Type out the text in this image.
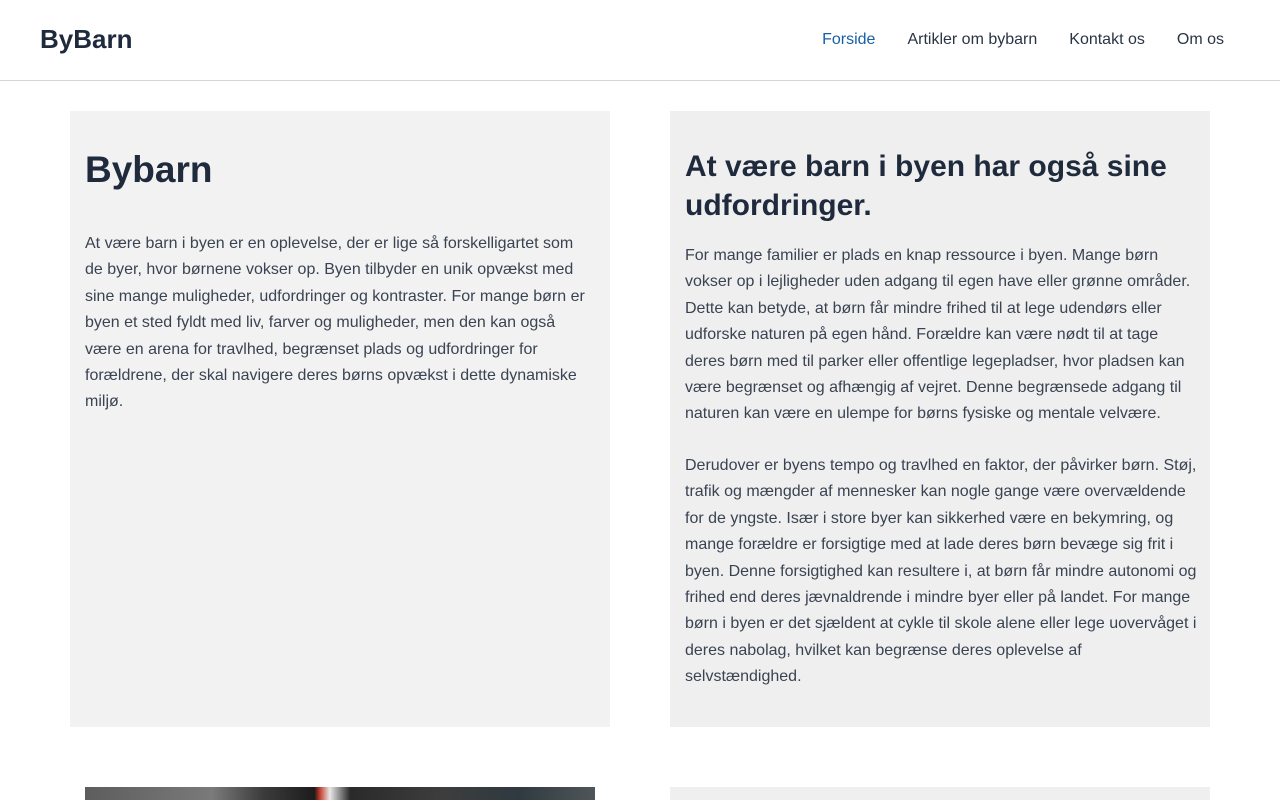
ByBarn	Forside Artikler om bybarn Kontakt os Om os
Bybarn

At være barn i byen er en oplevelse, der er lige så forskelligartet som de byer, hvor børnene vokser op. Byen tilbyder en unik opvækst med sine mange muligheder, udfordringer og kontraster. For mange børn er byen et sted fyldt med liv, farver og muligheder, men den kan også være en arena for travlhed, begrænset plads og udfordringer for forældrene, der skal navigere deres børns opvækst i dette dynamiske miljø.

At være barn i byen har også sine udfordringer.

For mange familier er plads en knap ressource i byen. Mange børn vokser op i lejligheder uden adgang til egen have eller grønne områder. Dette kan betyde, at børn får mindre frihed til at lege udendørs eller udforske naturen på egen hånd. Forældre kan være nødt til at tage deres børn med til parker eller offentlige legepladser, hvor pladsen kan være begrænset og afhængig af vejret. Denne begrænsede adgang til naturen kan være en ulempe for børns fysiske og mentale velvære.

Derudover er byens tempo og travlhed en faktor, der påvirker børn. Støj, trafik og mængder af mennesker kan nogle gange være overvældende for de yngste. Især i store byer kan sikkerhed være en bekymring, og mange forældre er forsigtige med at lade deres børn bevæge sig frit i byen. Denne forsigtighed kan resultere i, at børn får mindre autonomi og frihed end deres jævnaldrende i mindre byer eller på landet. For mange børn i byen er det sjældent at cykle til skole alene eller lege uovervåget i deres nabolag, hvilket kan begrænse deres oplevelse af selvstændighed.
